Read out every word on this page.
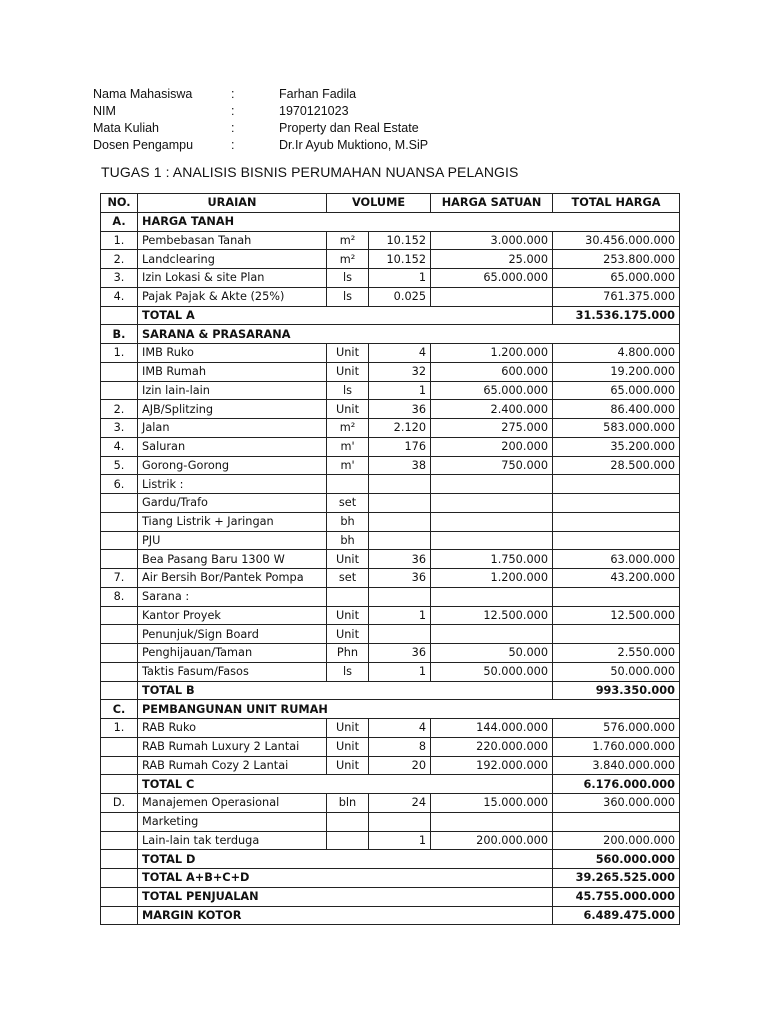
Nama Mahasiswa	:	Farhan Fadila
NIM	:	1970121023
Mata Kuliah	:	Property dan Real Estate
Dosen Pengampu	:	Dr.Ir Ayub Muktiono, M.SiP
TUGAS 1 : ANALISIS BISNIS PERUMAHAN NUANSA PELANGIS
NO.	URAIAN	VOLUME		HARGA SATUAN	TOTAL HARGA
A.	HARGA TANAH				
1.	Pembebasan Tanah	m²	10.152	3.000.000	30.456.000.000
2.	Landclearing	m²	10.152	25.000	253.800.000
3.	Izin Lokasi & site Plan	ls	1	65.000.000	65.000.000
4.	Pajak Pajak & Akte (25%)	ls	0.025		761.375.000
	TOTAL A				31.536.175.000
B.	SARANA & PRASARANA				
1.	IMB Ruko	Unit	4	1.200.000	4.800.000
	IMB Rumah	Unit	32	600.000	19.200.000
	Izin lain-lain	ls	1	65.000.000	65.000.000
2.	AJB/Splitzing	Unit	36	2.400.000	86.400.000
3.	Jalan	m²	2.120	275.000	583.000.000
4.	Saluran	m'	176	200.000	35.200.000
5.	Gorong-Gorong	m'	38	750.000	28.500.000
6.	Listrik :				
	Gardu/Trafo	set			
	Tiang Listrik + Jaringan	bh			
	PJU	bh			
	Bea Pasang Baru 1300 W	Unit	36	1.750.000	63.000.000
7.	Air Bersih Bor/Pantek Pompa	set	36	1.200.000	43.200.000
8.	Sarana :				
	Kantor Proyek	Unit	1	12.500.000	12.500.000
	Penunjuk/Sign Board	Unit			
	Penghijauan/Taman	Phn	36	50.000	2.550.000
	Taktis Fasum/Fasos	ls	1	50.000.000	50.000.000
	TOTAL B				993.350.000
C.	PEMBANGUNAN UNIT RUMAH				
1.	RAB Ruko	Unit	4	144.000.000	576.000.000
	RAB Rumah Luxury 2 Lantai	Unit	8	220.000.000	1.760.000.000
	RAB Rumah Cozy 2 Lantai	Unit	20	192.000.000	3.840.000.000
	TOTAL C				6.176.000.000
D.	Manajemen Operasional	bln	24	15.000.000	360.000.000
	Marketing				
	Lain-lain tak terduga		1	200.000.000	200.000.000
	TOTAL D				560.000.000
	TOTAL A+B+C+D				39.265.525.000
	TOTAL PENJUALAN				45.755.000.000
	MARGIN KOTOR				6.489.475.000
